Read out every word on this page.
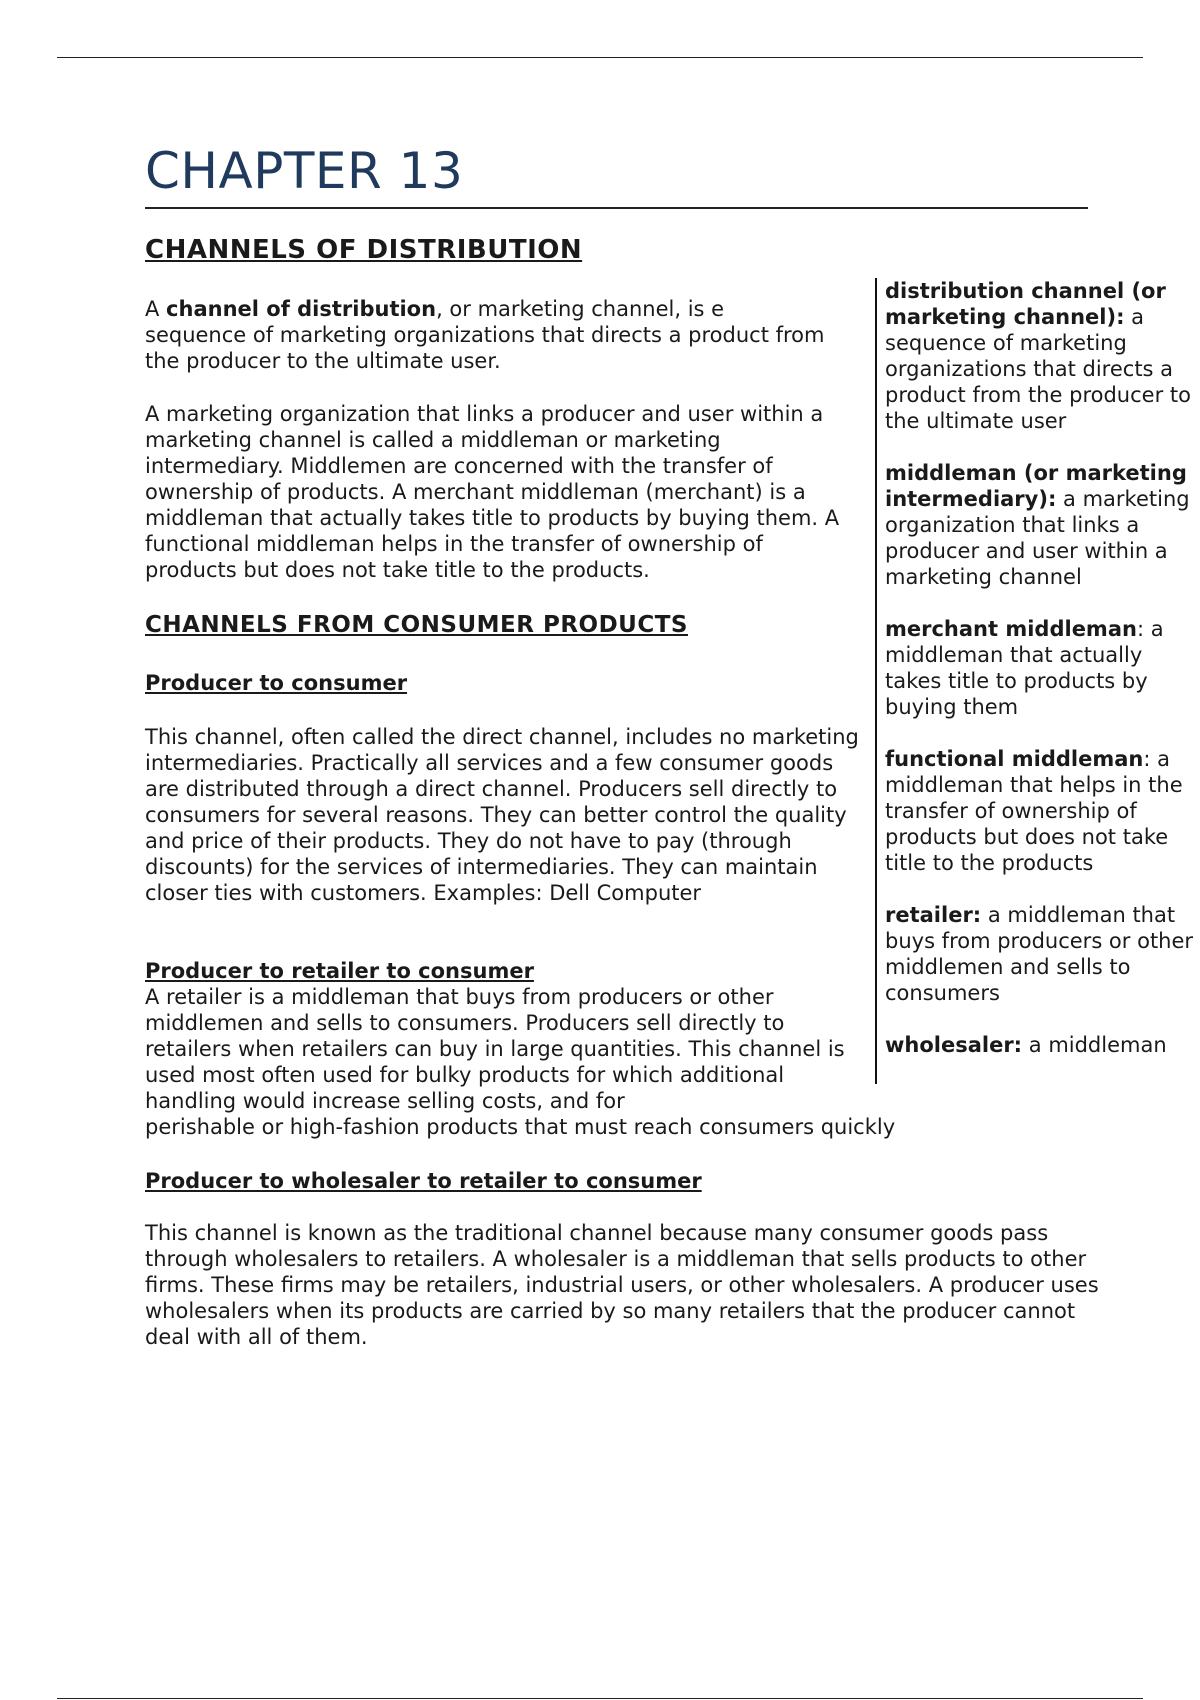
CHAPTER 13
CHANNELS OF DISTRIBUTION

A channel of distribution, or marketing channel, is e sequence of marketing organizations that directs a product from the producer to the ultimate user.

A marketing organization that links a producer and user within a marketing channel is called a middleman or marketing intermediary. Middlemen are concerned with the transfer of ownership of products. A merchant middleman (merchant) is a middleman that actually takes title to products by buying them. A functional middleman helps in the transfer of ownership of products but does not take title to the products.

CHANNELS FROM CONSUMER PRODUCTS
Producer to consumer

This channel, often called the direct channel, includes no marketing intermediaries. Practically all services and a few consumer goods are distributed through a direct channel. Producers sell directly to consumers for several reasons. They can better control the quality and price of their products. They do not have to pay (through discounts) for the services of intermediaries. They can maintain closer ties with customers. Examples: Dell Computer

Producer to retailer to consumer

A retailer is a middleman that buys from producers or other middlemen and sells to consumers. Producers sell directly to retailers when retailers can buy in large quantities. This channel is used most often used for bulky products for which additional handling would increase selling costs, and for

perishable or high-fashion products that must reach consumers quickly

Producer to wholesaler to retailer to consumer

This channel is known as the traditional channel because many consumer goods pass through wholesalers to retailers. A wholesaler is a middleman that sells products to other firms. These firms may be retailers, industrial users, or other wholesalers. A producer uses wholesalers when its products are carried by so many retailers that the producer cannot deal with all of them.

distribution channel (or marketing channel): a sequence of marketing organizations that directs a product from the producer to the ultimate user

middleman (or marketing intermediary): a marketing organization that links a producer and user within a marketing channel

merchant middleman: a middleman that actually takes title to products by buying them

functional middleman: a middleman that helps in the transfer of ownership of products but does not take title to the products

retailer: a middleman that buys from producers or other middlemen and sells to consumers

wholesaler: a middleman
